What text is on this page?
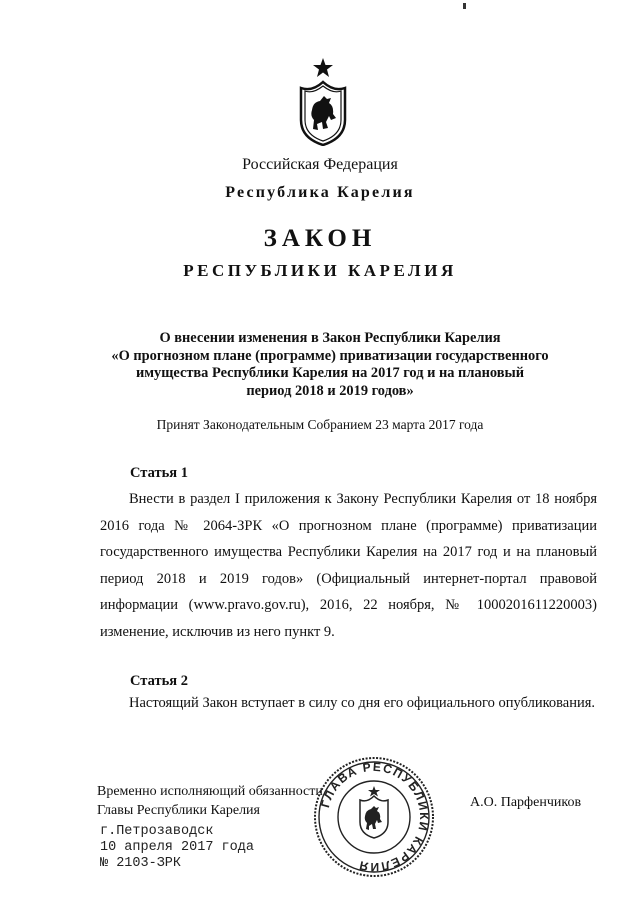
Российская Федерация
Республика Карелия
ЗАКОН
РЕСПУБЛИКИ КАРЕЛИЯ
О внесении изменения в Закон Республики Карелия
«О прогнозном плане (программе) приватизации государственного
имущества Республики Карелия на 2017 год и на плановый
период 2018 и 2019 годов»
Принят Законодательным Собранием 23 марта 2017 года
Статья 1
Внести в раздел I приложения к Закону Республики Карелия от 18 ноября 2016 года № 2064-ЗРК «О прогнозном плане (программе) приватизации государственного имущества Республики Карелия на 2017 год и на плановый период 2018 и 2019 годов» (Официальный интернет-портал правовой информации (www.pravo.gov.ru), 2016, 22 ноября, № 1000201611220003) изменение, исключив из него пункт 9.
Статья 2
Настоящий Закон вступает в силу со дня его официального опубликования.
Временно исполняющий обязанности
Главы Республики Карелия	ГЛАВА РЕСПУБЛИКИ КАРЕЛИЯ
А.О. Парфенчиков
г.Петрозаводск
10 апреля 2017 года
№ 2103-ЗРК
